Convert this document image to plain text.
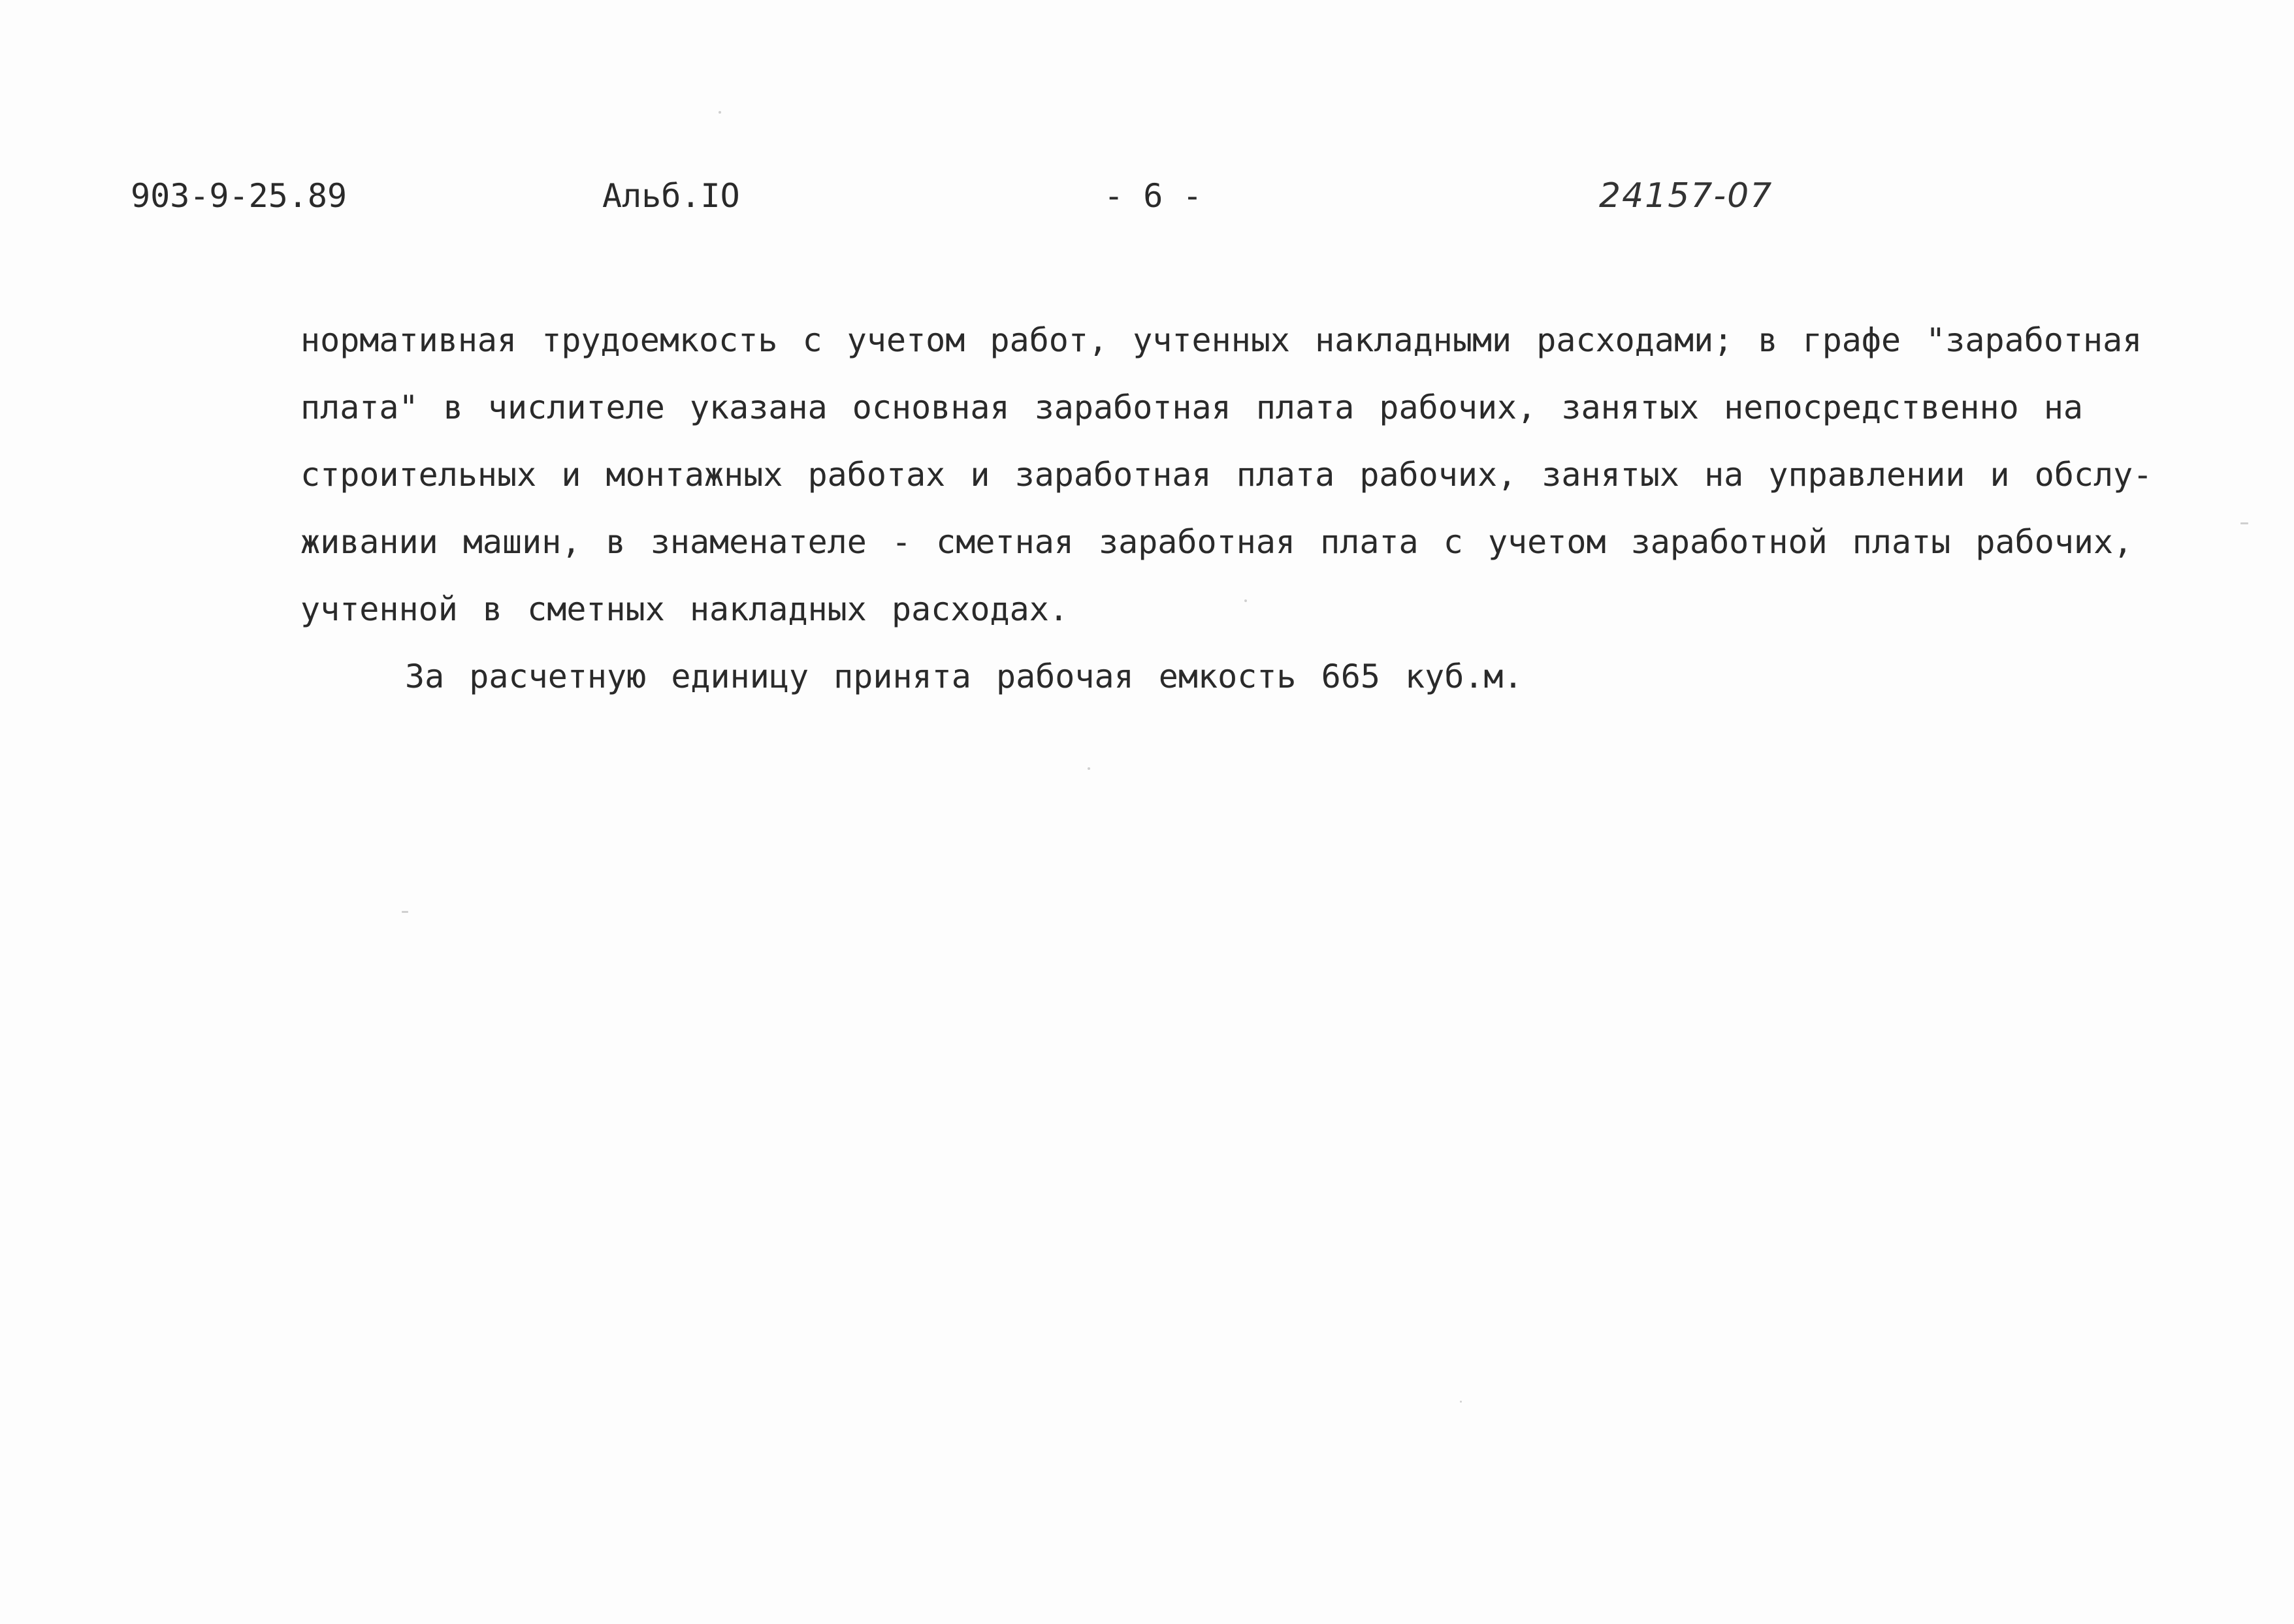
903-9-25.89	Альб.IO	- 6 -	24157-07
нормативная трудоемкость с учетом работ, учтенных накладными расходами; в графе "заработная
плата" в числителе указана основная заработная плата рабочих, занятых непосредственно на
строительных и монтажных работах и заработная плата рабочих, занятых на управлении и обслу-
живании машин, в знаменателе - сметная заработная плата с учетом заработной платы рабочих,
учтенной в сметных накладных расходах.
За расчетную единицу принята рабочая емкость 665 куб.м.
